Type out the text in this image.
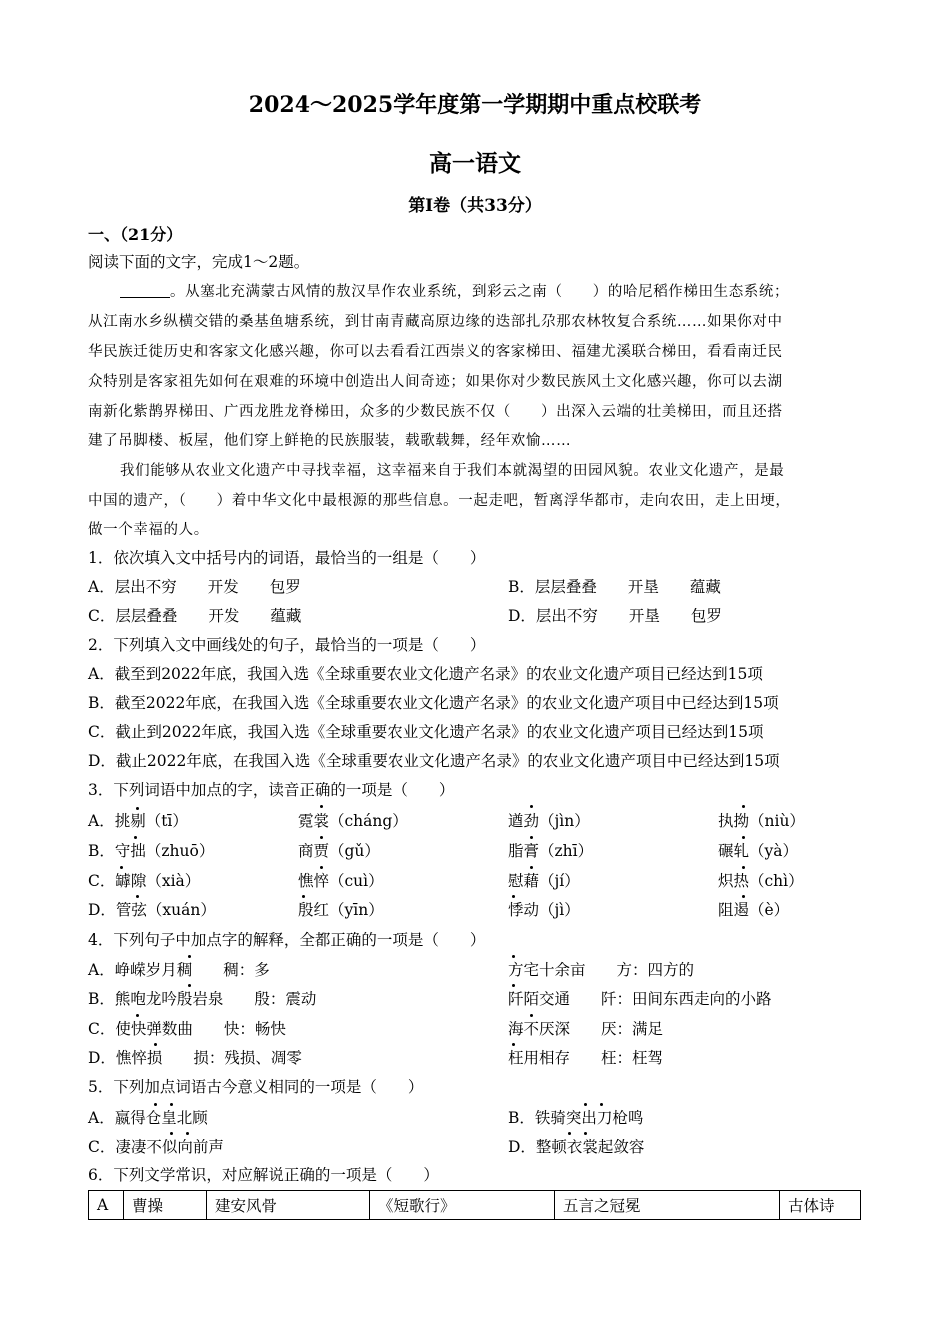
2024～2025学年度第一学期期中重点校联考
高一语文
第Ⅰ卷（共33分）
一、（21分）
阅读下面的文字，完成1～2题。
。从塞北充满蒙古风情的敖汉旱作农业系统，到彩云之南（　　）的哈尼稻作梯田生态系统；
从江南水乡纵横交错的桑基鱼塘系统，到甘南青藏高原边缘的迭部扎尕那农林牧复合系统……如果你对中
华民族迁徙历史和客家文化感兴趣，你可以去看看江西崇义的客家梯田、福建尤溪联合梯田，看看南迁民
众特别是客家祖先如何在艰难的环境中创造出人间奇迹；如果你对少数民族风土文化感兴趣，你可以去湖
南新化紫鹊界梯田、广西龙胜龙脊梯田，众多的少数民族不仅（　　）出深入云端的壮美梯田，而且还搭
建了吊脚楼、板屋，他们穿上鲜艳的民族服装，载歌载舞，经年欢愉……
我们能够从农业文化遗产中寻找幸福，这幸福来自于我们本就渴望的田园风貌。农业文化遗产，是最
中国的遗产，（　　）着中华文化中最根源的那些信息。一起走吧，暂离浮华都市，走向农田，走上田埂，
做一个幸福的人。
1．依次填入文中括号内的词语，最恰当的一组是（　　）
A．层出不穷　　开发　　包罗	B．层层叠叠　　开垦　　蕴藏
C．层层叠叠　　开发　　蕴藏	D．层出不穷　　开垦　　包罗
2．下列填入文中画线处的句子，最恰当的一项是（　　）
A．截至到2022年底，我国入选《全球重要农业文化遗产名录》的农业文化遗产项目已经达到15项
B．截至2022年底，在我国入选《全球重要农业文化遗产名录》的农业文化遗产项目中已经达到15项
C．截止到2022年底，我国入选《全球重要农业文化遗产名录》的农业文化遗产项目已经达到15项
D．截止2022年底，在我国入选《全球重要农业文化遗产名录》的农业文化遗产项目中已经达到15项
3．下列词语中加点的字，读音正确的一项是（　　）
A．挑剔（tī）	霓裳（cháng）	遒劲（jìn）	执拗（niù）
B．守拙（zhuō）	商贾（gǔ）	脂膏（zhī）	碾轧（yà）
C．罅隙（xià）	憔悴（cuì）	慰藉（jí）	炽热（chì）
D．管弦（xuán）	殷红（yīn）	悸动（jì）	阻遏（è）
4．下列句子中加点字的解释，全都正确的一项是（　　）
A．峥嵘岁月稠　　稠：多	方宅十余亩　　方：四方的
B．熊咆龙吟殷岩泉　　殷：震动	阡陌交通　　阡：田间东西走向的小路
C．使快弹数曲　　快：畅快	海不厌深　　厌：满足
D．憔悴损　　损：残损、凋零	枉用相存　　枉：枉驾
5．下列加点词语古今意义相同的一项是（　　）
A．嬴得仓皇北顾	B．铁骑突出刀枪鸣
C．凄凄不似向前声	D．整顿衣裳起敛容
6．下列文学常识，对应解说正确的一项是（　　）
A	曹操	建安风骨	《短歌行》	五言之冠冕	古体诗
